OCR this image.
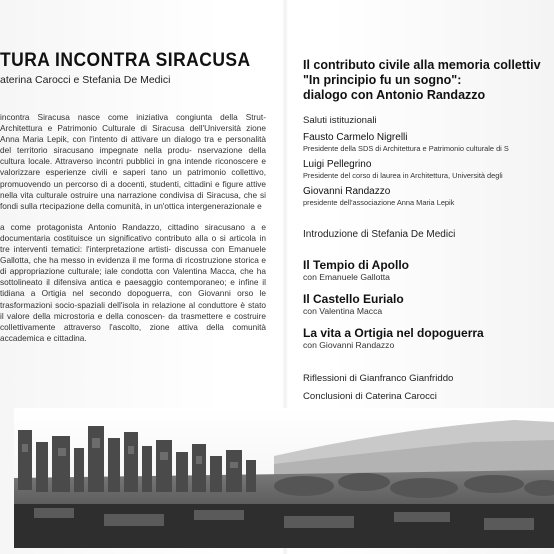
TURA INCONTRA SIRACUSA
aterina Carocci e Stefania De Medici

incontra Siracusa nasce come iniziativa congiunta della Strut- Architettura e Patrimonio Culturale di Siracusa dell'Università zione Anna Maria Lepik, con l'intento di attivare un dialogo tra e personalità del territorio siracusano impegnate nella produ- nservazione della cultura locale. Attraverso incontri pubblici in gna intende riconoscere e valorizzare esperienze civili e saperi tano un patrimonio collettivo, promuovendo un percorso di a docenti, studenti, cittadini e figure attive nella vita culturale ostruire una narrazione condivisa di Siracusa, che si fondi sulla rtecipazione della comunità, in un'ottica intergenerazionale e

a come protagonista Antonio Randazzo, cittadino siracusano a e documentaria costituisce un significativo contributo alla o si articola in tre interventi tematici: l'interpretazione artisti- discussa con Emanuele Gallotta, che ha messo in evidenza il me forma di ricostruzione storica e di appropriazione culturale; iale condotta con Valentina Macca, che ha sottolineato il difensiva antica e paesaggio contemporaneo; e infine il tidiana a Ortigia nel secondo dopoguerra, con Giovanni orso le trasformazioni socio-spaziali dell'isola in relazione al conduttore è stato il valore della microstoria e della conoscen- da trasmettere e costruire collettivamente attraverso l'ascolto, zione attiva della comunità accademica e cittadina.

Il contributo civile alla memoria collettiv
"In principio fu un sogno":
dialogo con Antonio Randazzo
Saluti istituzionali
Fausto Carmelo Nigrelli
Presidente della SDS di Architettura e Patrimonio culturale di S
Luigi Pellegrino
Presidente del corso di laurea in Architettura, Università degli
Giovanni Randazzo
presidente dell'associazione Anna Maria Lepik
Introduzione di Stefania De Medici
Il Tempio di Apollo
con Emanuele Gallotta
Il Castello Eurialo
con Valentina Macca
La vita a Ortigia nel dopoguerra
con Giovanni Randazzo
Riflessioni di Gianfranco Gianfriddo
Conclusioni di Caterina Carocci
